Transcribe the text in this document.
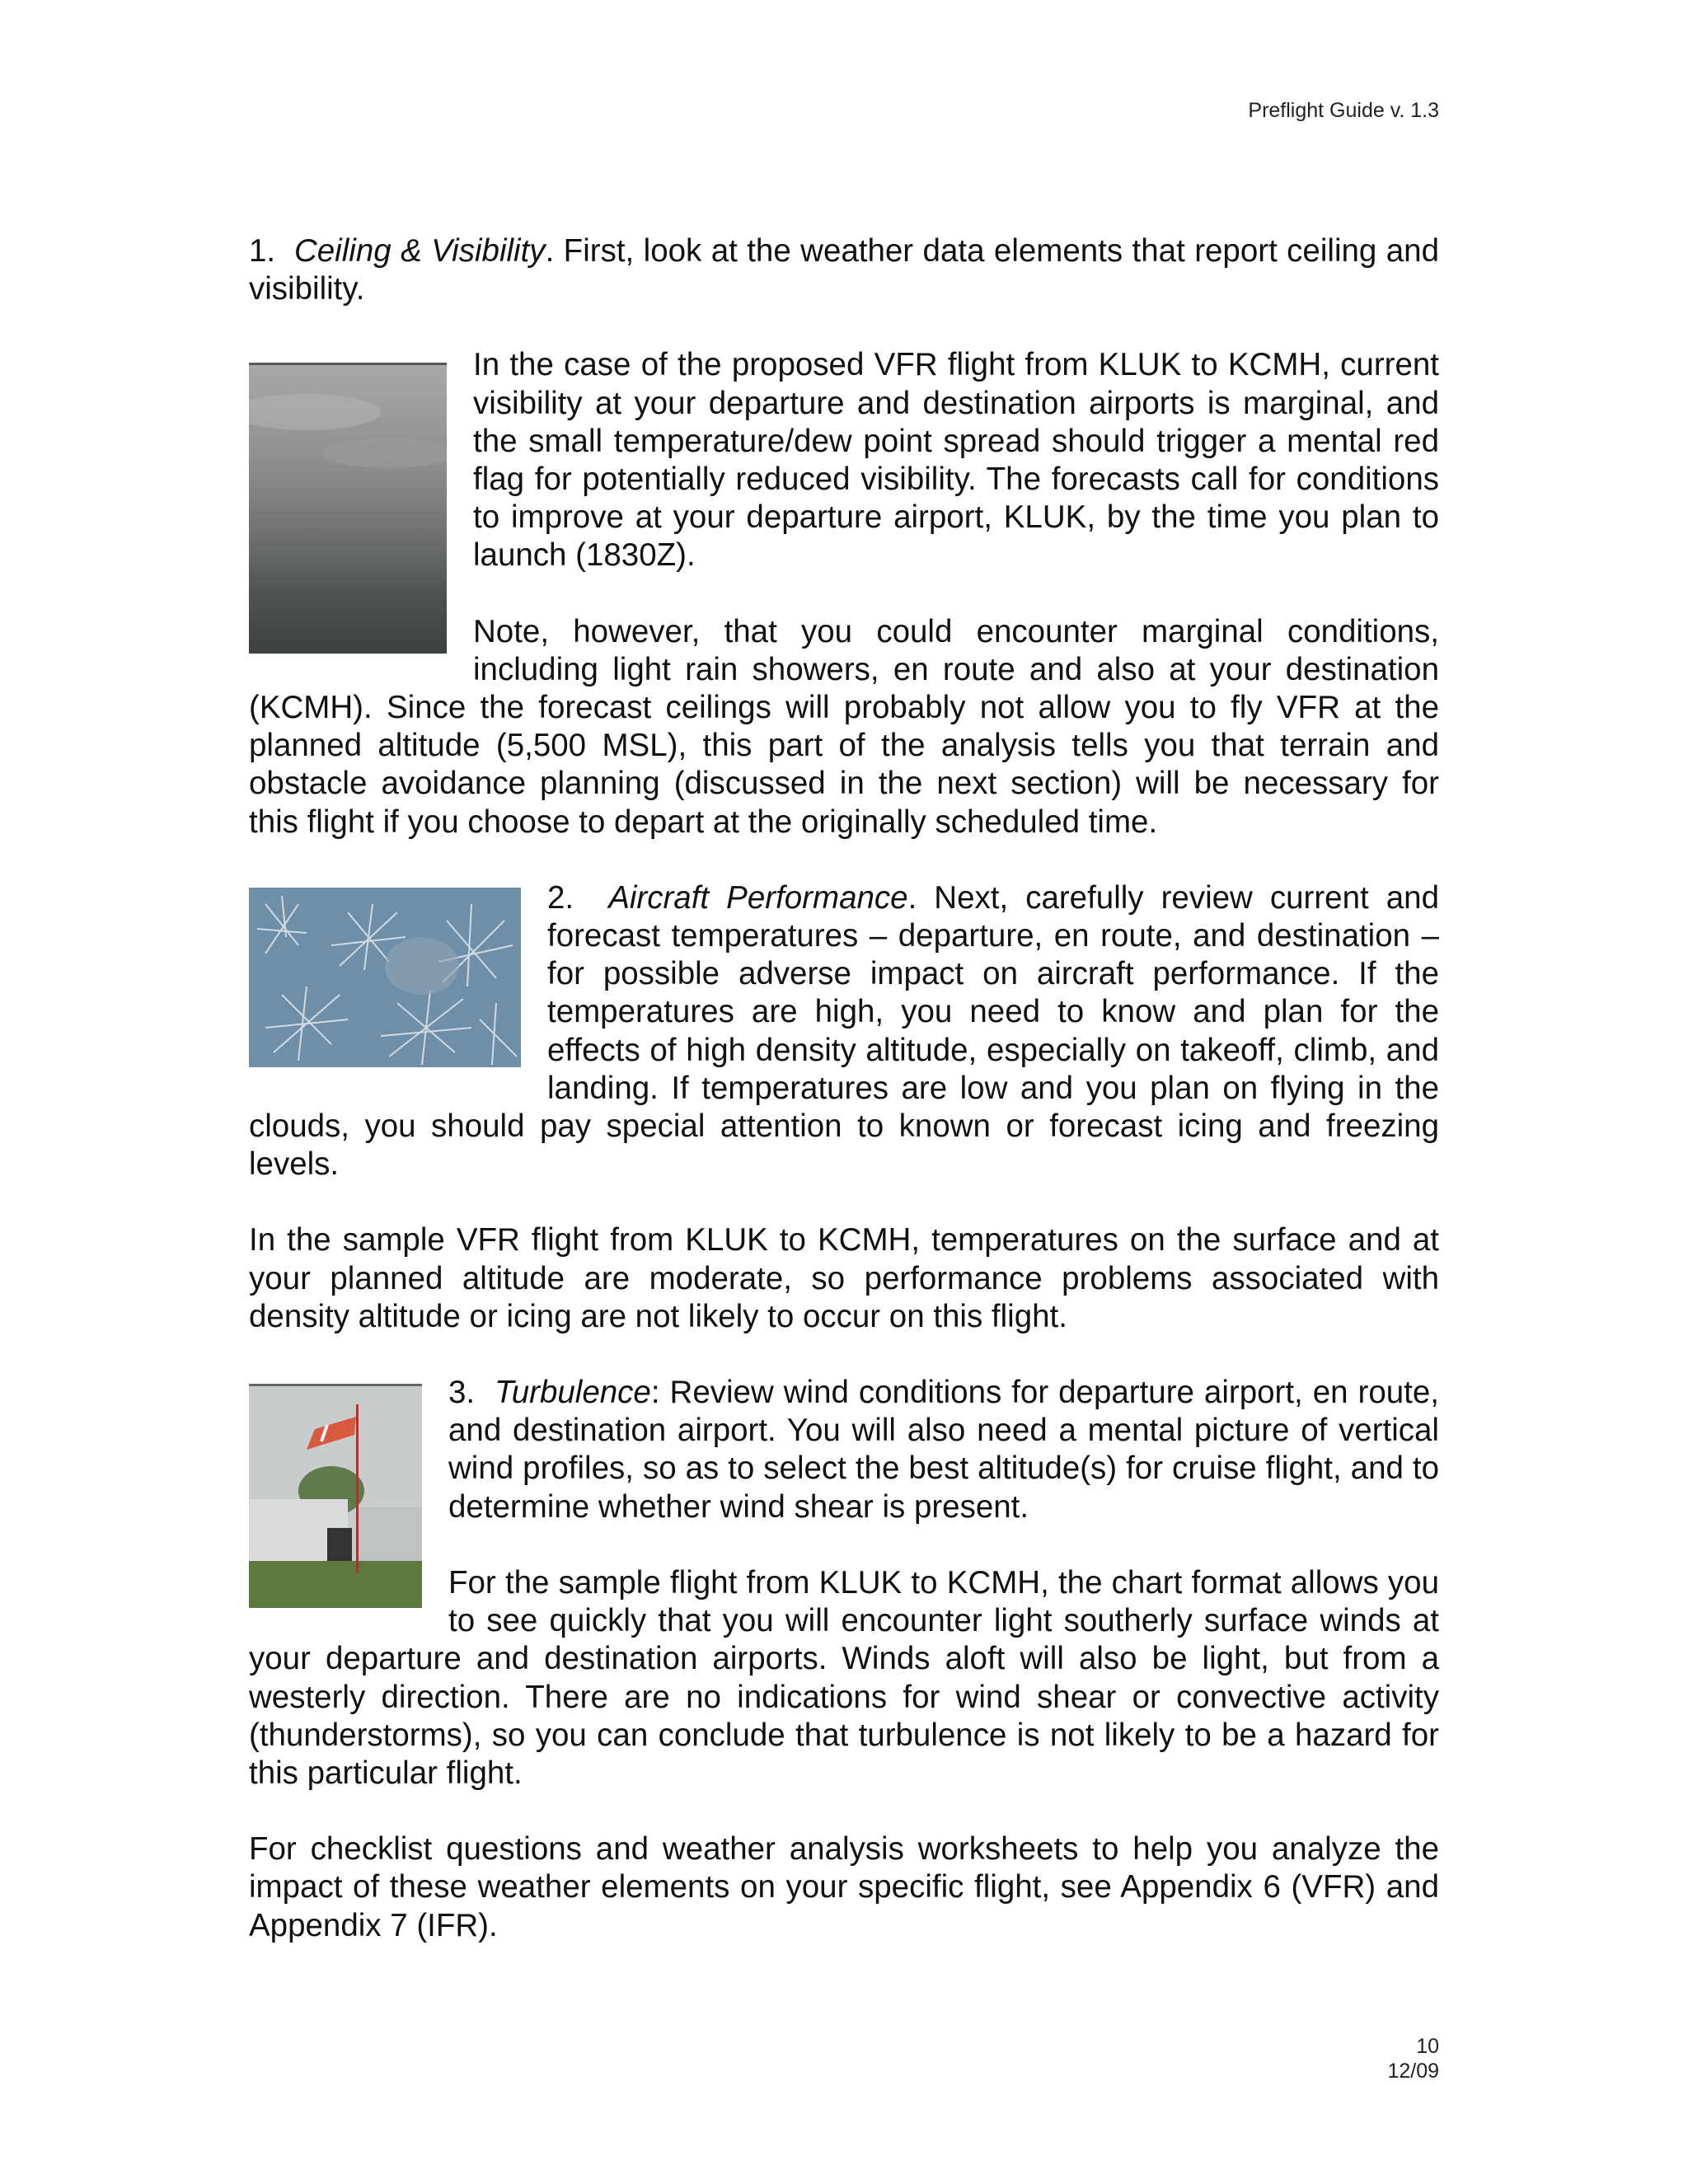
Preflight Guide v. 1.3

1. Ceiling & Visibility. First, look at the weather data elements that report ceiling and visibility.

In the case of the proposed VFR flight from KLUK to KCMH, current visibility at your departure and destination airports is marginal, and the small temperature/dew point spread should trigger a mental red flag for potentially reduced visibility. The forecasts call for conditions to improve at your departure airport, KLUK, by the time you plan to launch (1830Z).

Note, however, that you could encounter marginal conditions, including light rain showers, en route and also at your destination (KCMH). Since the forecast ceilings will probably not allow you to fly VFR at the planned altitude (5,500 MSL), this part of the analysis tells you that terrain and obstacle avoidance planning (discussed in the next section) will be necessary for this flight if you choose to depart at the originally scheduled time.

2. Aircraft Performance. Next, carefully review current and forecast temperatures – departure, en route, and destination – for possible adverse impact on aircraft performance. If the temperatures are high, you need to know and plan for the effects of high density altitude, especially on takeoff, climb, and landing. If temperatures are low and you plan on flying in the clouds, you should pay special attention to known or forecast icing and freezing levels.

In the sample VFR flight from KLUK to KCMH, temperatures on the surface and at your planned altitude are moderate, so performance problems associated with density altitude or icing are not likely to occur on this flight.

3. Turbulence: Review wind conditions for departure airport, en route, and destination airport. You will also need a mental picture of vertical wind profiles, so as to select the best altitude(s) for cruise flight, and to determine whether wind shear is present.

For the sample flight from KLUK to KCMH, the chart format allows you to see quickly that you will encounter light southerly surface winds at your departure and destination airports. Winds aloft will also be light, but from a westerly direction. There are no indications for wind shear or convective activity (thunderstorms), so you can conclude that turbulence is not likely to be a hazard for this particular flight.

For checklist questions and weather analysis worksheets to help you analyze the impact of these weather elements on your specific flight, see Appendix 6 (VFR) and Appendix 7 (IFR).

10
12/09
